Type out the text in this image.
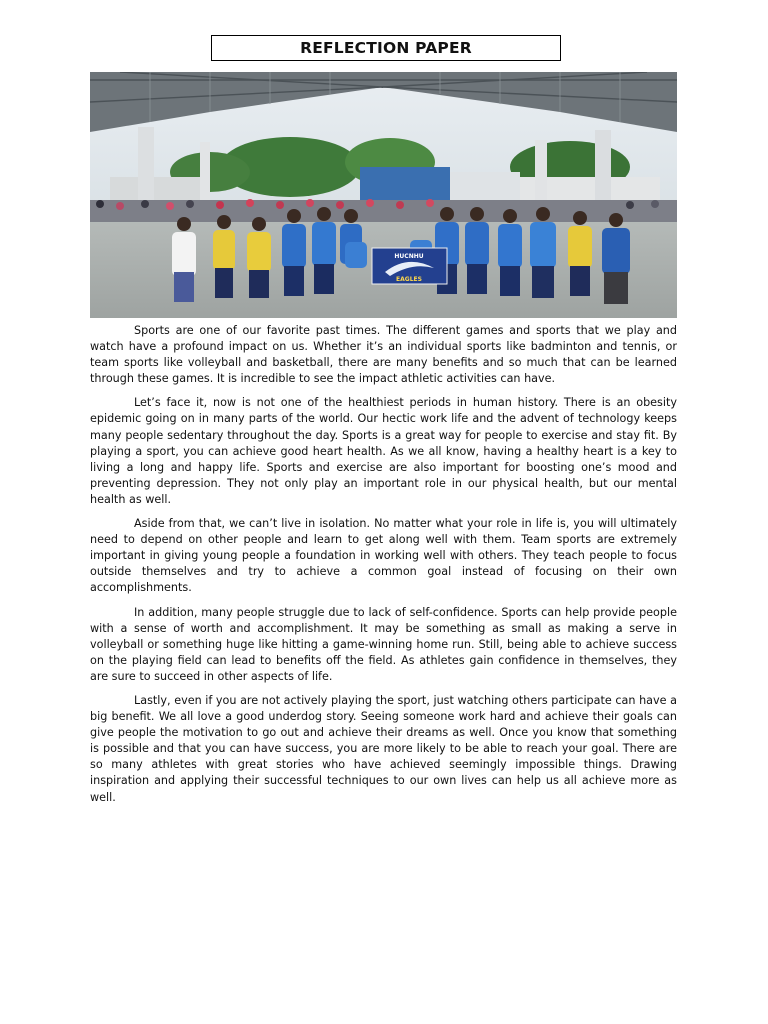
REFLECTION PAPER
HUCNHU
EAGLES

Sports are one of our favorite past times. The different games and sports that we play and watch have a profound impact on us. Whether it’s an individual sports like badminton and tennis, or team sports like volleyball and basketball, there are many benefits and so much that can be learned through these games. It is incredible to see the impact athletic activities can have.

Let’s face it, now is not one of the healthiest periods in human history. There is an obesity epidemic going on in many parts of the world. Our hectic work life and the advent of technology keeps many people sedentary throughout the day. Sports is a great way for people to exercise and stay fit. By playing a sport, you can achieve good heart health. As we all know, having a healthy heart is a key to living a long and happy life. Sports and exercise are also important for boosting one’s mood and preventing depression. They not only play an important role in our physical health, but our mental health as well.

Aside from that, we can’t live in isolation. No matter what your role in life is, you will ultimately need to depend on other people and learn to get along well with them. Team sports are extremely important in giving young people a foundation in working well with others. They teach people to focus outside themselves and try to achieve a common goal instead of focusing on their own accomplishments.

In addition, many people struggle due to lack of self-confidence. Sports can help provide people with a sense of worth and accomplishment. It may be something as small as making a serve in volleyball or something huge like hitting a game-winning home run. Still, being able to achieve success on the playing field can lead to benefits off the field. As athletes gain confidence in themselves, they are sure to succeed in other aspects of life.

Lastly, even if you are not actively playing the sport, just watching others participate can have a big benefit. We all love a good underdog story. Seeing someone work hard and achieve their goals can give people the motivation to go out and achieve their dreams as well. Once you know that something is possible and that you can have success, you are more likely to be able to reach your goal. There are so many athletes with great stories who have achieved seemingly impossible things. Drawing inspiration and applying their successful techniques to our own lives can help us all achieve more as well.
